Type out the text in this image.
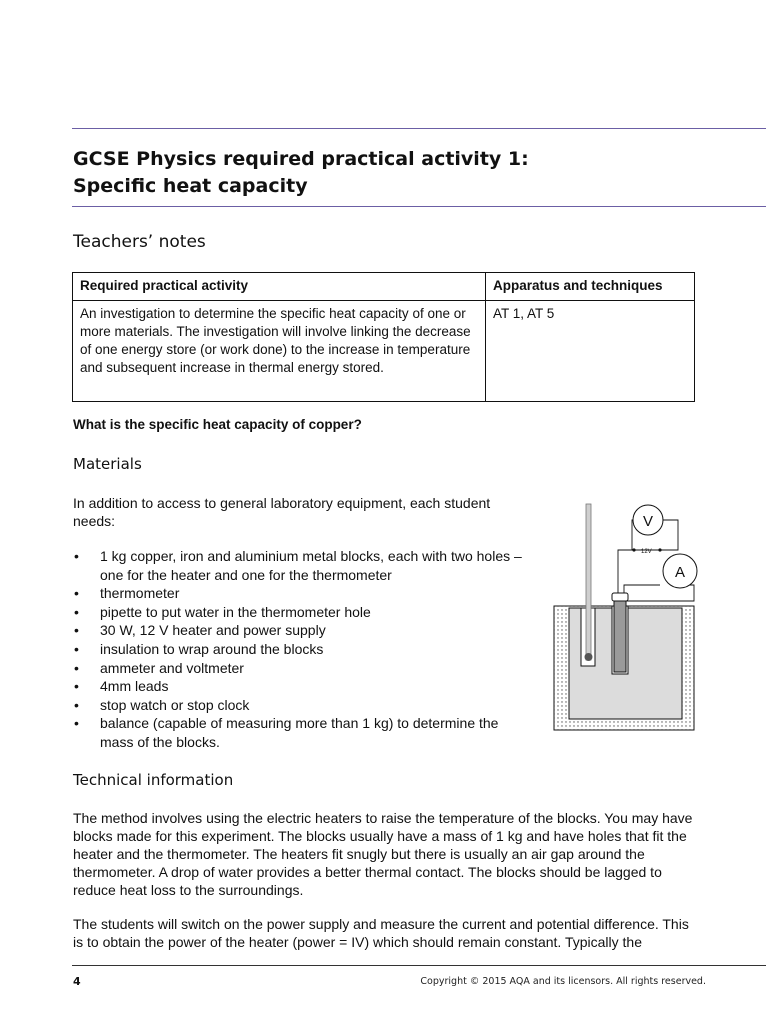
GCSE Physics required practical activity 1:
Specific heat capacity
Teachers’ notes
Required practical activity	Apparatus and techniques
An investigation to determine the specific heat capacity of one or more materials. The investigation will involve linking the decrease of one energy store (or work done) to the increase in temperature and subsequent increase in thermal energy stored.	AT 1, AT 5
What is the specific heat capacity of copper?
Materials

In addition to access to general laboratory equipment, each student needs:

• 1 kg copper, iron and aluminium metal blocks, each with two holes – one for the heater and one for the thermometer
• thermometer
• pipette to put water in the thermometer hole
• 30 W, 12 V heater and power supply
• insulation to wrap around the blocks
• ammeter and voltmeter
• 4mm leads
• stop watch or stop clock
• balance (capable of measuring more than 1 kg) to determine the mass of the blocks.
12V
V
A
Technical information

The method involves using the electric heaters to raise the temperature of the blocks. You may have blocks made for this experiment. The blocks usually have a mass of 1 kg and have holes that fit the heater and the thermometer. The heaters fit snugly but there is usually an air gap around the thermometer. A drop of water provides a better thermal contact. The blocks should be lagged to reduce heat loss to the surroundings.

The students will switch on the power supply and measure the current and potential difference. This is to obtain the power of the heater (power = IV) which should remain constant. Typically the

4	Copyright © 2015 AQA and its licensors. All rights reserved.
